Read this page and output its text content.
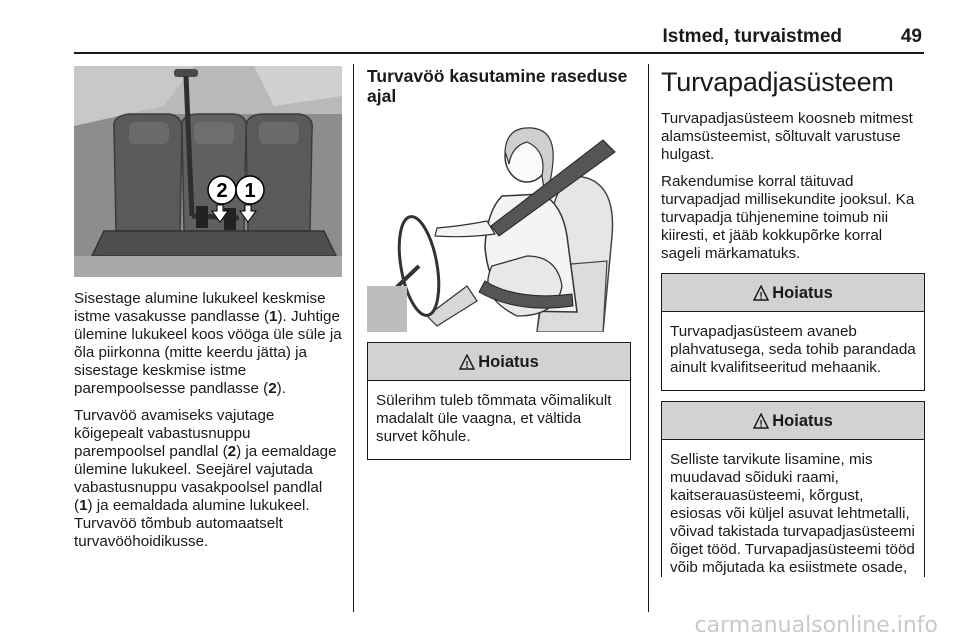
Istmed, turvaistmed	49
2 1

Sisestage alumine lukukeel keskmise istme vasakusse pandlasse (1). Juhtige ülemine lukukeel koos vööga üle süle ja õla piirkonna (mitte keerdu jätta) ja sisestage keskmise istme parempoolsesse pandlasse (2).

Turvavöö avamiseks vajutage kõigepealt vabastusnuppu parempoolsel pandlal (2) ja eemaldage ülemine lukukeel. Seejärel vajutada vabastusnuppu vasakpoolsel pandlal (1) ja eemaldada alumine lukukeel. Turvavöö tõmbub automaatselt turvavööhoidikusse.

Turvavöö kasutamine raseduse ajal
! Hoiatus
Sülerihm tuleb tõmmata võimalikult madalalt üle vaagna, et vältida survet kõhule.
Turvapadjasüsteem

Turvapadjasüsteem koosneb mitmest alamsüsteemist, sõltuvalt varustuse hulgast.

Rakendumise korral täituvad turvapadjad millisekundite jooksul. Ka turvapadja tühjenemine toimub nii kiiresti, et jääb kokkupõrke korral sageli märkamatuks.

! Hoiatus
Turvapadjasüsteem avaneb plahvatusega, seda tohib parandada ainult kvalifitseeritud mehaanik.
! Hoiatus
Selliste tarvikute lisamine, mis muudavad sõiduki raami, kaitserauasüsteemi, kõrgust, esiosas või küljel asuvat lehtmetalli, võivad takistada turvapadjasüsteemi õiget tööd. Turvapadjasüsteemi tööd võib mõjutada ka esiistmete osade,
carmanualsonline.info
